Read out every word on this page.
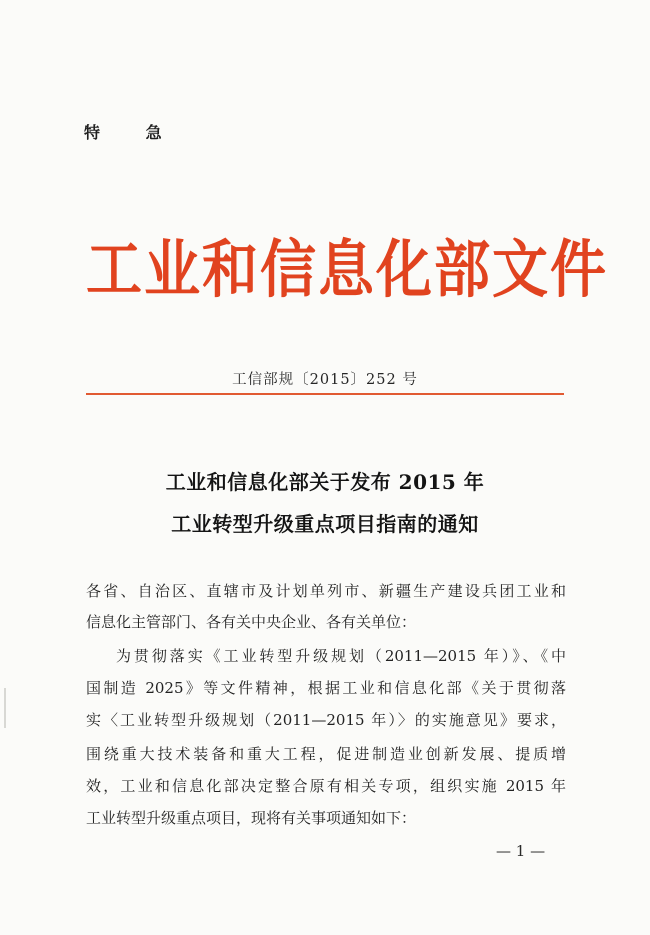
特 急
工业和信息化部文件
工信部规〔2015〕252 号
工业和信息化部关于发布 2015 年
工业转型升级重点项目指南的通知
各省、自治区、直辖市及计划单列市、新疆生产建设兵团工业和
信息化主管部门、各有关中央企业、各有关单位：
为贯彻落实《工业转型升级规划（2011—2015 年）》、《中
国制造 2025》等文件精神，根据工业和信息化部《关于贯彻落
实〈工业转型升级规划（2011—2015 年）〉的实施意见》要求，
围绕重大技术装备和重大工程，促进制造业创新发展、提质增
效，工业和信息化部决定整合原有相关专项，组织实施 2015 年
工业转型升级重点项目，现将有关事项通知如下：
— 1 —
